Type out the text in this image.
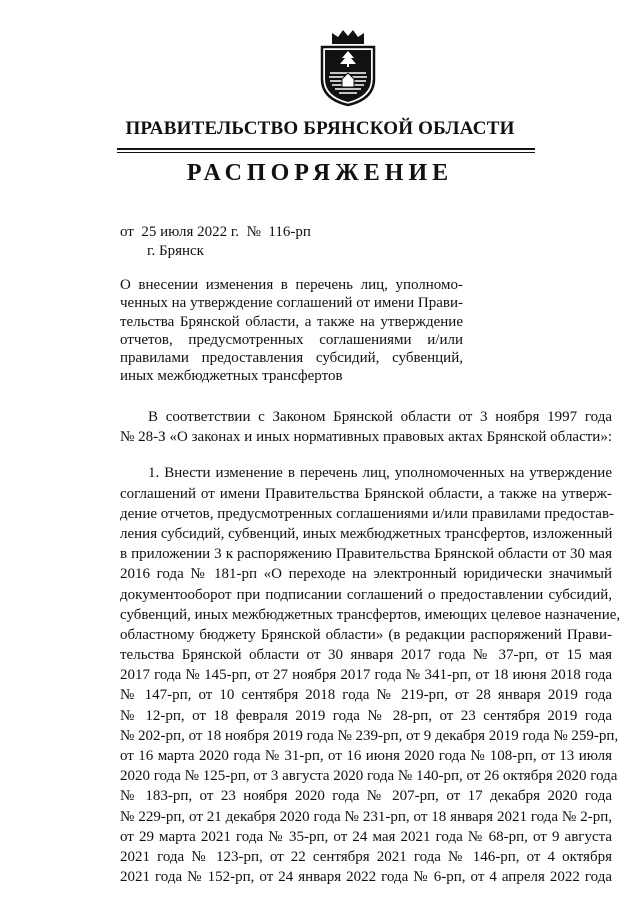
ПРАВИТЕЛЬСТВО БРЯНСКОЙ ОБЛАСТИ
РАСПОРЯЖЕНИЕ
от  25 июля 2022 г.  №  116-рп
г. Брянск
О внесении изменения в перечень лиц, уполномо-
ченных на утверждение соглашений от имени Прави-
тельства Брянской области, а также на утверждение
отчетов, предусмотренных соглашениями и/или
правилами предоставления субсидий, субвенций,
иных межбюджетных трансфертов
В соответствии с Законом Брянской области от 3 ноября 1997 года
№ 28-З «О законах и иных нормативных правовых актах Брянской области»:
1. Внести изменение в перечень лиц, уполномоченных на утверждение
соглашений от имени Правительства Брянской области, а также на утверж-
дение отчетов, предусмотренных соглашениями и/или правилами предостав-
ления субсидий, субвенций, иных межбюджетных трансфертов, изложенный
в приложении 3 к распоряжению Правительства Брянской области от 30 мая
2016 года № 181-рп «О переходе на электронный юридически значимый
документооборот при подписании соглашений о предоставлении субсидий,
субвенций, иных межбюджетных трансфертов, имеющих целевое назначение,
областному бюджету Брянской области» (в редакции распоряжений Прави-
тельства Брянской области от 30 января 2017 года № 37-рп, от 15 мая
2017 года № 145-рп, от 27 ноября 2017 года № 341-рп, от 18 июня 2018 года
№ 147-рп, от 10 сентября 2018 года № 219-рп, от 28 января 2019 года
№ 12-рп, от 18 февраля 2019 года № 28-рп, от 23 сентября 2019 года
№ 202-рп, от 18 ноября 2019 года № 239-рп, от 9 декабря 2019 года № 259-рп,
от 16 марта 2020 года № 31-рп, от 16 июня 2020 года № 108-рп, от 13 июля
2020 года № 125-рп, от 3 августа 2020 года № 140-рп, от 26 октября 2020 года
№ 183-рп, от 23 ноября 2020 года № 207-рп, от 17 декабря 2020 года
№ 229-рп, от 21 декабря 2020 года № 231-рп, от 18 января 2021 года № 2-рп,
от 29 марта 2021 года № 35-рп, от 24 мая 2021 года № 68-рп, от 9 августа
2021 года № 123-рп, от 22 сентября 2021 года № 146-рп, от 4 октября
2021 года № 152-рп, от 24 января 2022 года № 6-рп, от 4 апреля 2022 года
